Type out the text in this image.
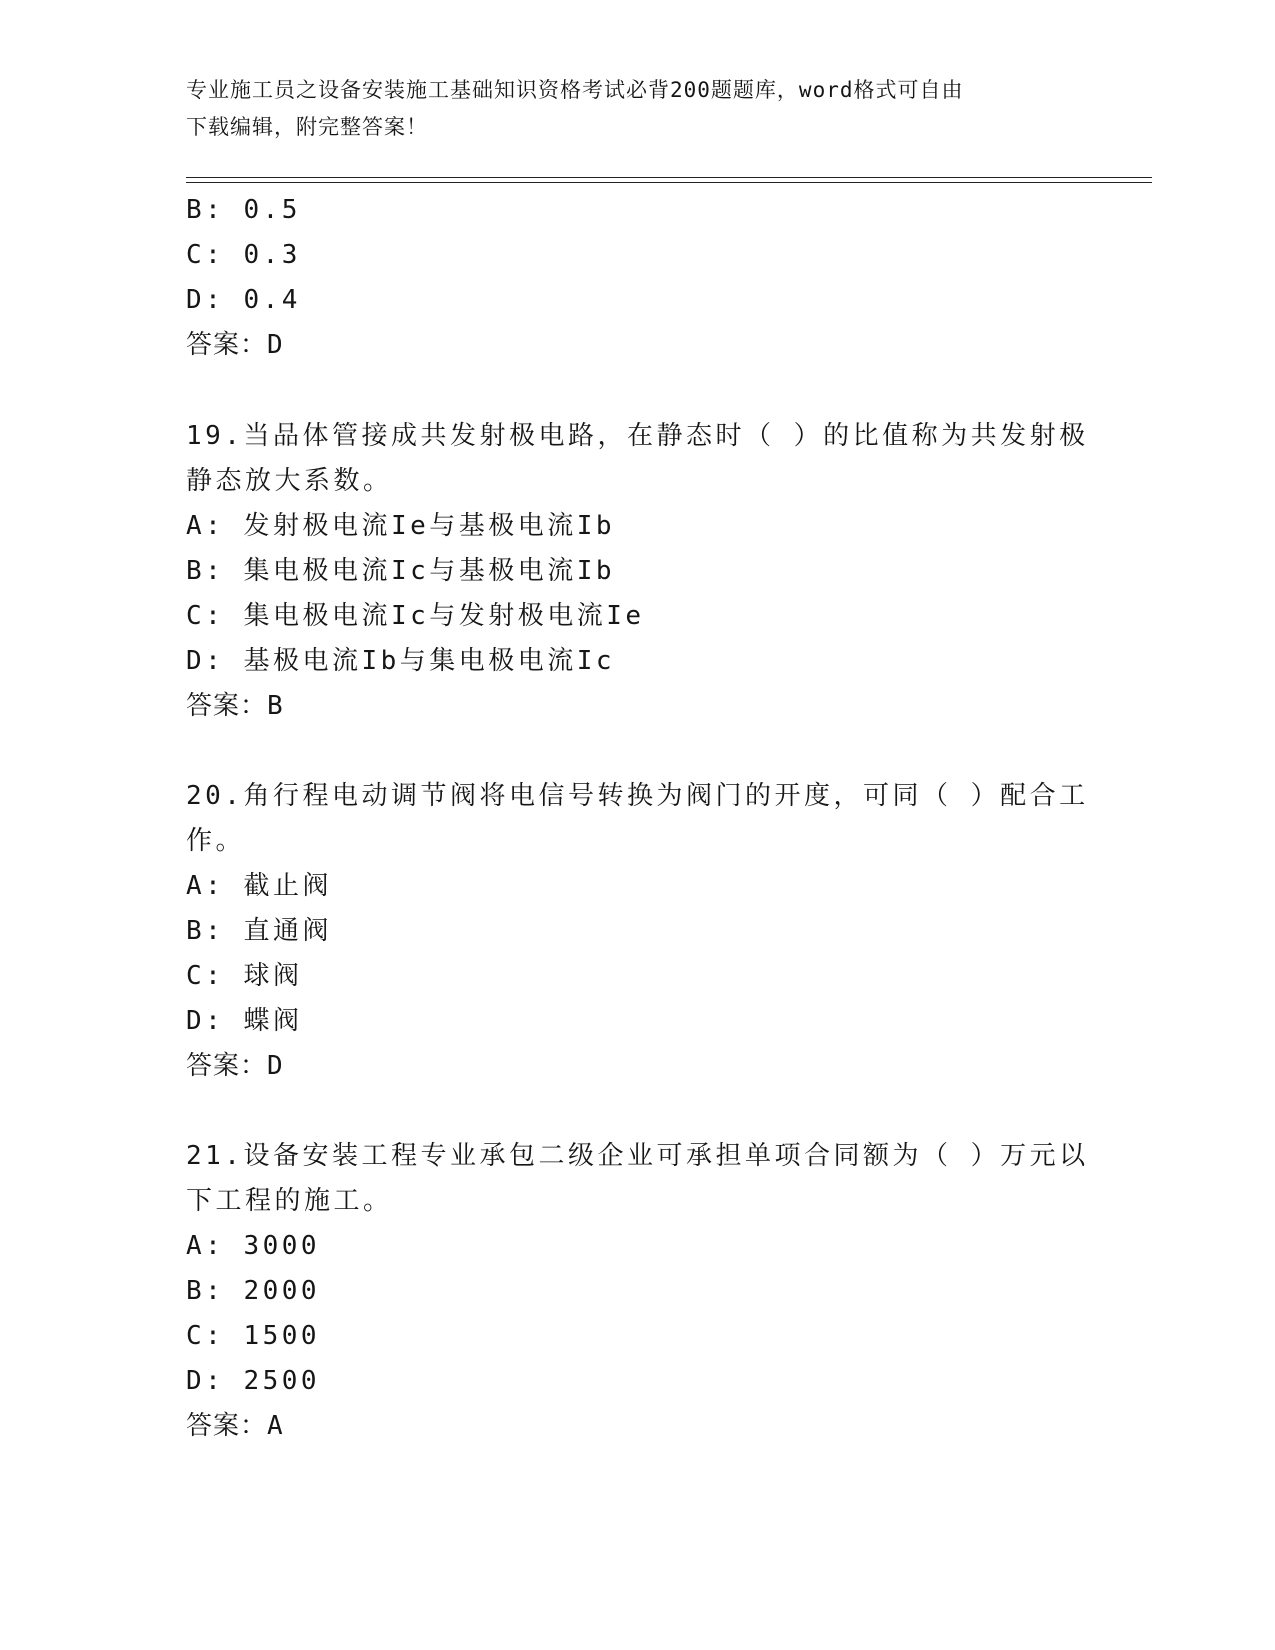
专业施工员之设备安装施工基础知识资格考试必背200题题库，word格式可自由
下载编辑，附完整答案！
B: 0.5
C: 0.3
D: 0.4
答案：D
19.当品体管接成共发射极电路，在静态时（ ）的比值称为共发射极
静态放大系数。
A: 发射极电流Ie与基极电流Ib
B: 集电极电流Ic与基极电流Ib
C: 集电极电流Ic与发射极电流Ie
D: 基极电流Ib与集电极电流Ic
答案：B
20.角行程电动调节阀将电信号转换为阀门的开度，可同（ ）配合工
作。
A: 截止阀
B: 直通阀
C: 球阀
D: 蝶阀
答案：D
21.设备安装工程专业承包二级企业可承担单项合同额为（ ）万元以
下工程的施工。
A: 3000
B: 2000
C: 1500
D: 2500
答案：A
